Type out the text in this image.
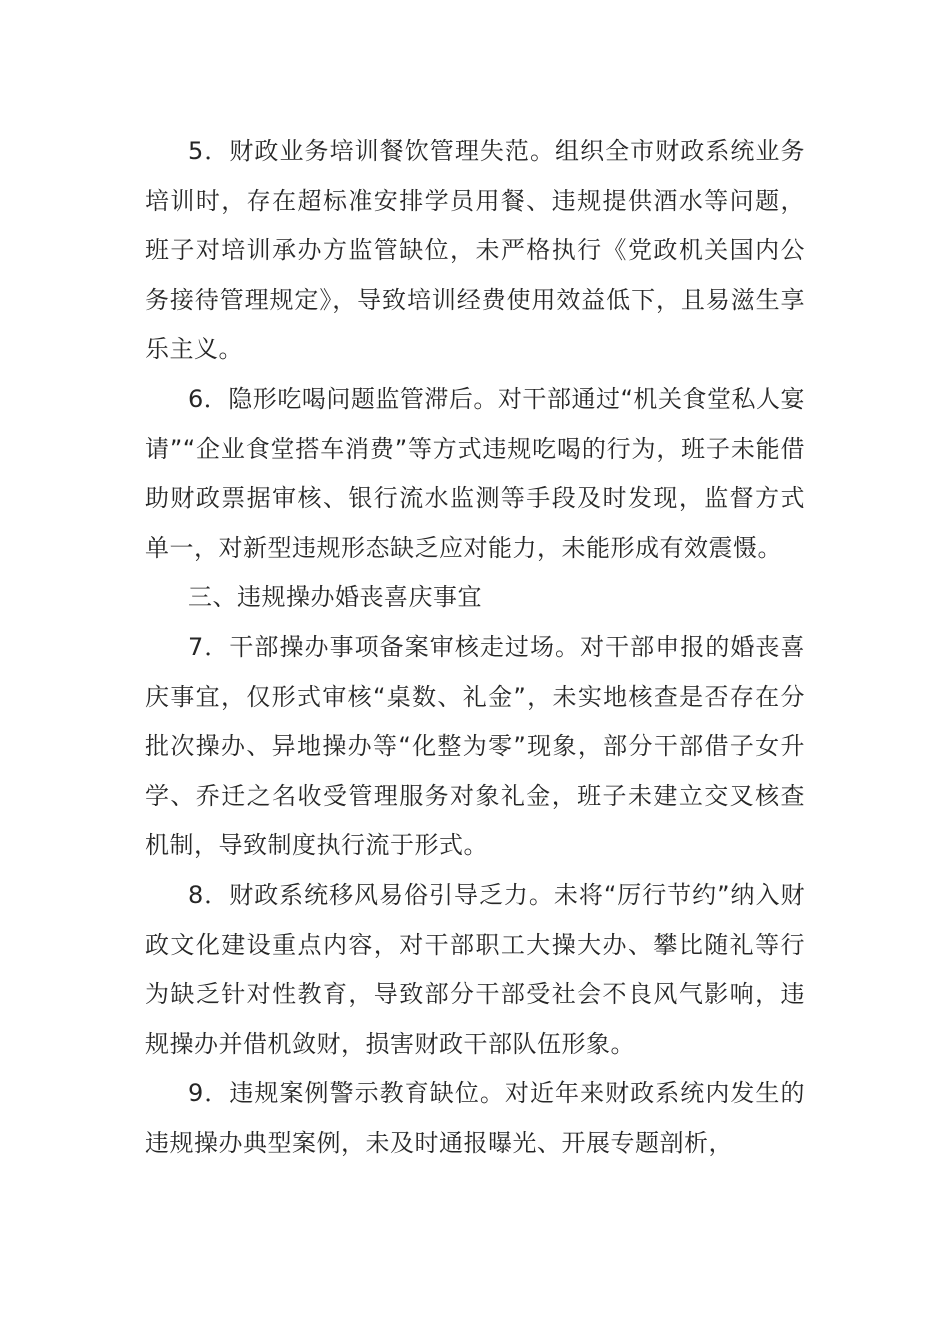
5．财政业务培训餐饮管理失范。组织全市财政系统业务培训时，存在超标准安排学员用餐、违规提供酒水等问题，班子对培训承办方监管缺位，未严格执行《党政机关国内公务接待管理规定》，导致培训经费使用效益低下，且易滋生享乐主义。

6．隐形吃喝问题监管滞后。对干部通过“机关食堂私人宴请”“企业食堂搭车消费”等方式违规吃喝的行为，班子未能借助财政票据审核、银行流水监测等手段及时发现，监督方式单一，对新型违规形态缺乏应对能力，未能形成有效震慑。

三、违规操办婚丧喜庆事宜

7．干部操办事项备案审核走过场。对干部申报的婚丧喜庆事宜，仅形式审核“桌数、礼金”，未实地核查是否存在分批次操办、异地操办等“化整为零”现象，部分干部借子女升学、乔迁之名收受管理服务对象礼金，班子未建立交叉核查机制，导致制度执行流于形式。

8．财政系统移风易俗引导乏力。未将“厉行节约”纳入财政文化建设重点内容，对干部职工大操大办、攀比随礼等行为缺乏针对性教育，导致部分干部受社会不良风气影响，违规操办并借机敛财，损害财政干部队伍形象。

9．违规案例警示教育缺位。对近年来财政系统内发生的违规操办典型案例，未及时通报曝光、开展专题剖析，
